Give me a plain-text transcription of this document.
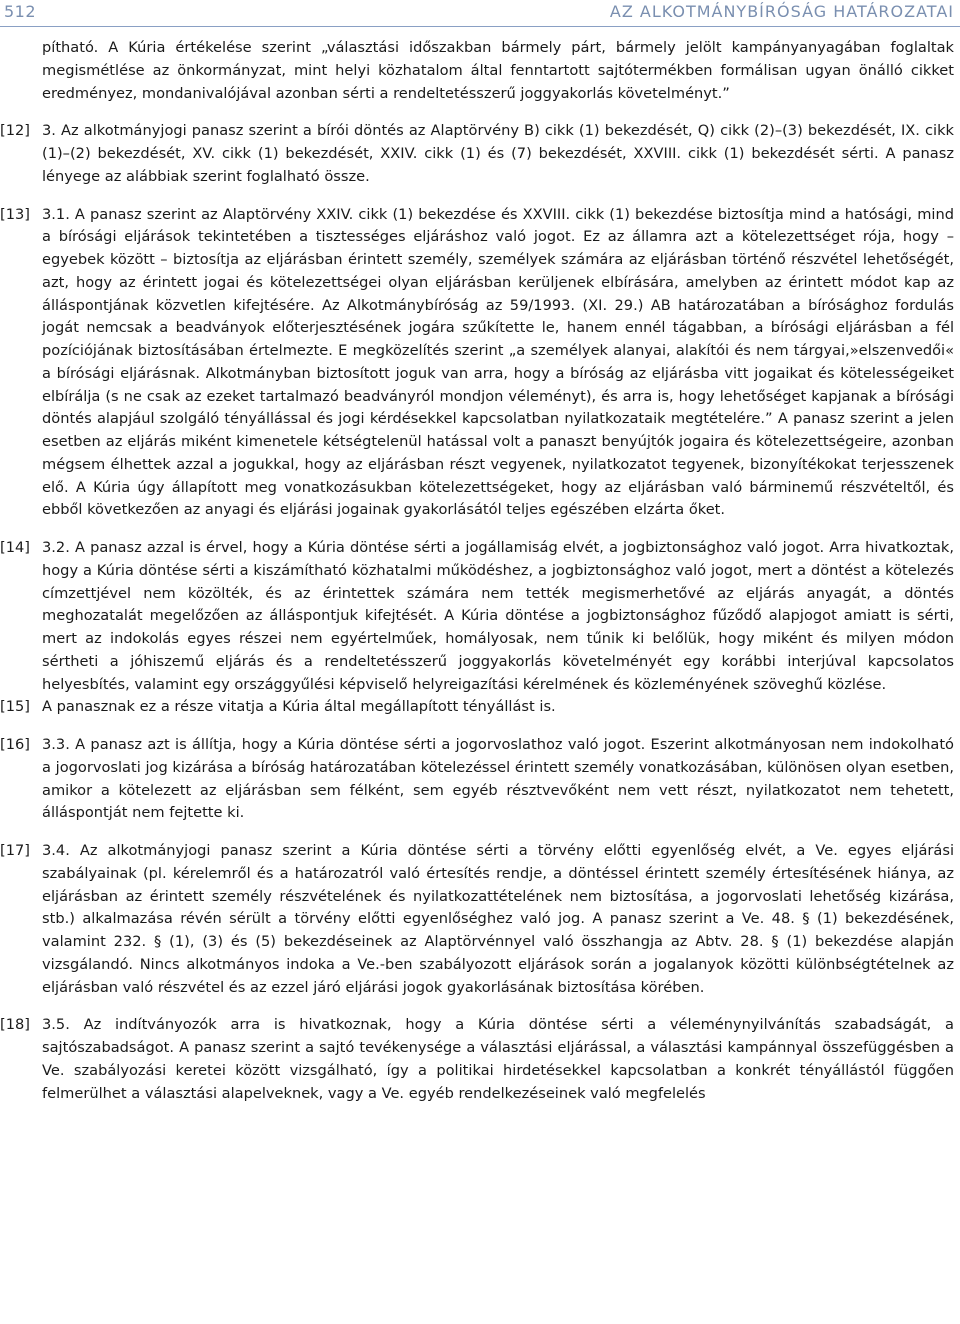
512	AZ ALKOTMÁNYBÍRÓSÁG HATÁROZATAI
pítható. A Kúria értékelése szerint „választási időszakban bármely párt, bármely jelölt kampányanyagában foglaltak megismétlése az önkormányzat, mint helyi közhatalom által fenntartott sajtótermékben formálisan ugyan önálló cikket eredményez, mondanivalójával azonban sérti a rendeltetésszerű joggyakorlás követelményt.”
[12] 3. Az alkotmányjogi panasz szerint a bírói döntés az Alaptörvény B) cikk (1) bekezdését, Q) cikk (2)–(3) bekezdését, IX. cikk (1)–(2) bekezdését, XV. cikk (1) bekezdését, XXIV. cikk (1) és (7) bekezdését, XXVIII. cikk (1) bekezdését sérti. A panasz lényege az alábbiak szerint foglalható össze.
[13] 3.1. A panasz szerint az Alaptörvény XXIV. cikk (1) bekezdése és XXVIII. cikk (1) bekezdése biztosítja mind a hatósági, mind a bírósági eljárások tekintetében a tisztességes eljáráshoz való jogot. Ez az államra azt a kötelezettséget rója, hogy – egyebek között – biztosítja az eljárásban érintett személy, személyek számára az eljárásban történő részvétel lehetőségét, azt, hogy az érintett jogai és kötelezettségei olyan eljárásban kerüljenek elbírására, amelyben az érintett módot kap az álláspontjának közvetlen kifejtésére. Az Alkotmánybíróság az 59/1993. (XI. 29.) AB határozatában a bírósághoz fordulás jogát nemcsak a beadványok előterjesztésének jogára szűkítette le, hanem ennél tágabban, a bírósági eljárásban a fél pozíciójának biztosításában értelmezte. E megközelítés szerint „a személyek alanyai, alakítói és nem tárgyai,»elszenvedői« a bírósági eljárásnak. Alkotmányban biztosított joguk van arra, hogy a bíróság az eljárásba vitt jogaikat és kötelességeiket elbírálja (s ne csak az ezeket tartalmazó beadványról mondjon véleményt), és arra is, hogy lehetőséget kapjanak a bírósági döntés alapjául szolgáló tényállással és jogi kérdésekkel kapcsolatban nyilatkozataik megtételére.” A panasz szerint a jelen esetben az eljárás miként kimenetele kétségtelenül hatással volt a panaszt benyújtók jogaira és kötelezettségeire, azonban mégsem élhettek azzal a jogukkal, hogy az eljárásban részt vegyenek, nyilatkozatot tegyenek, bizonyítékokat terjesszenek elő. A Kúria úgy állapított meg vonatkozásukban kötelezettségeket, hogy az eljárásban való bárminemű részvételtől, és ebből következően az anyagi és eljárási jogainak gyakorlásától teljes egészében elzárta őket.
[14] 3.2. A panasz azzal is érvel, hogy a Kúria döntése sérti a jogállamiság elvét, a jogbiztonsághoz való jogot. Arra hivatkoztak, hogy a Kúria döntése sérti a kiszámítható közhatalmi működéshez, a jogbiztonsághoz való jogot, mert a döntést a kötelezés címzettjével nem közölték, és az érintettek számára nem tették megismerhetővé az eljárás anyagát, a döntés meghozatalát megelőzően az álláspontjuk kifejtését. A Kúria döntése a jogbiztonsághoz fűződő alapjogot amiatt is sérti, mert az indokolás egyes részei nem egyértelműek, homályosak, nem tűnik ki belőlük, hogy miként és milyen módon sértheti a jóhiszemű eljárás és a rendeltetésszerű joggyakorlás követelményét egy korábbi interjúval kapcsolatos helyesbítés, valamint egy országgyűlési képviselő helyreigazítási kérelmének és közleményének szöveghű közlése.
[15] A panasznak ez a része vitatja a Kúria által megállapított tényállást is.
[16] 3.3. A panasz azt is állítja, hogy a Kúria döntése sérti a jogorvoslathoz való jogot. Eszerint alkotmányosan nem indokolható a jogorvoslati jog kizárása a bíróság határozatában kötelezéssel érintett személy vonatkozásában, különösen olyan esetben, amikor a kötelezett az eljárásban sem félként, sem egyéb résztvevőként nem vett részt, nyilatkozatot nem tehetett, álláspontját nem fejtette ki.
[17] 3.4. Az alkotmányjogi panasz szerint a Kúria döntése sérti a törvény előtti egyenlőség elvét, a Ve. egyes eljárási szabályainak (pl. kérelemről és a határozatról való értesítés rendje, a döntéssel érintett személy értesítésének hiánya, az eljárásban az érintett személy részvételének és nyilatkozattételének nem biztosítása, a jogorvoslati lehetőség kizárása, stb.) alkalmazása révén sérült a törvény előtti egyenlőséghez való jog. A panasz szerint a Ve. 48. § (1) bekezdésének, valamint 232. § (1), (3) és (5) bekezdéseinek az Alaptörvénnyel való összhangja az Abtv. 28. § (1) bekezdése alapján vizsgálandó. Nincs alkotmányos indoka a Ve.-ben szabályozott eljárások során a jogalanyok közötti különbségtételnek az eljárásban való részvétel és az ezzel járó eljárási jogok gyakorlásának biztosítása körében.
[18] 3.5. Az indítványozók arra is hivatkoznak, hogy a Kúria döntése sérti a véleménynyilvánítás szabadságát, a sajtószabadságot. A panasz szerint a sajtó tevékenysége a választási eljárással, a választási kampánnyal összefüggésben a Ve. szabályozási keretei között vizsgálható, így a politikai hirdetésekkel kapcsolatban a konkrét tényállástól függően felmerülhet a választási alapelveknek, vagy a Ve. egyéb rendelkezéseinek való megfelelés
